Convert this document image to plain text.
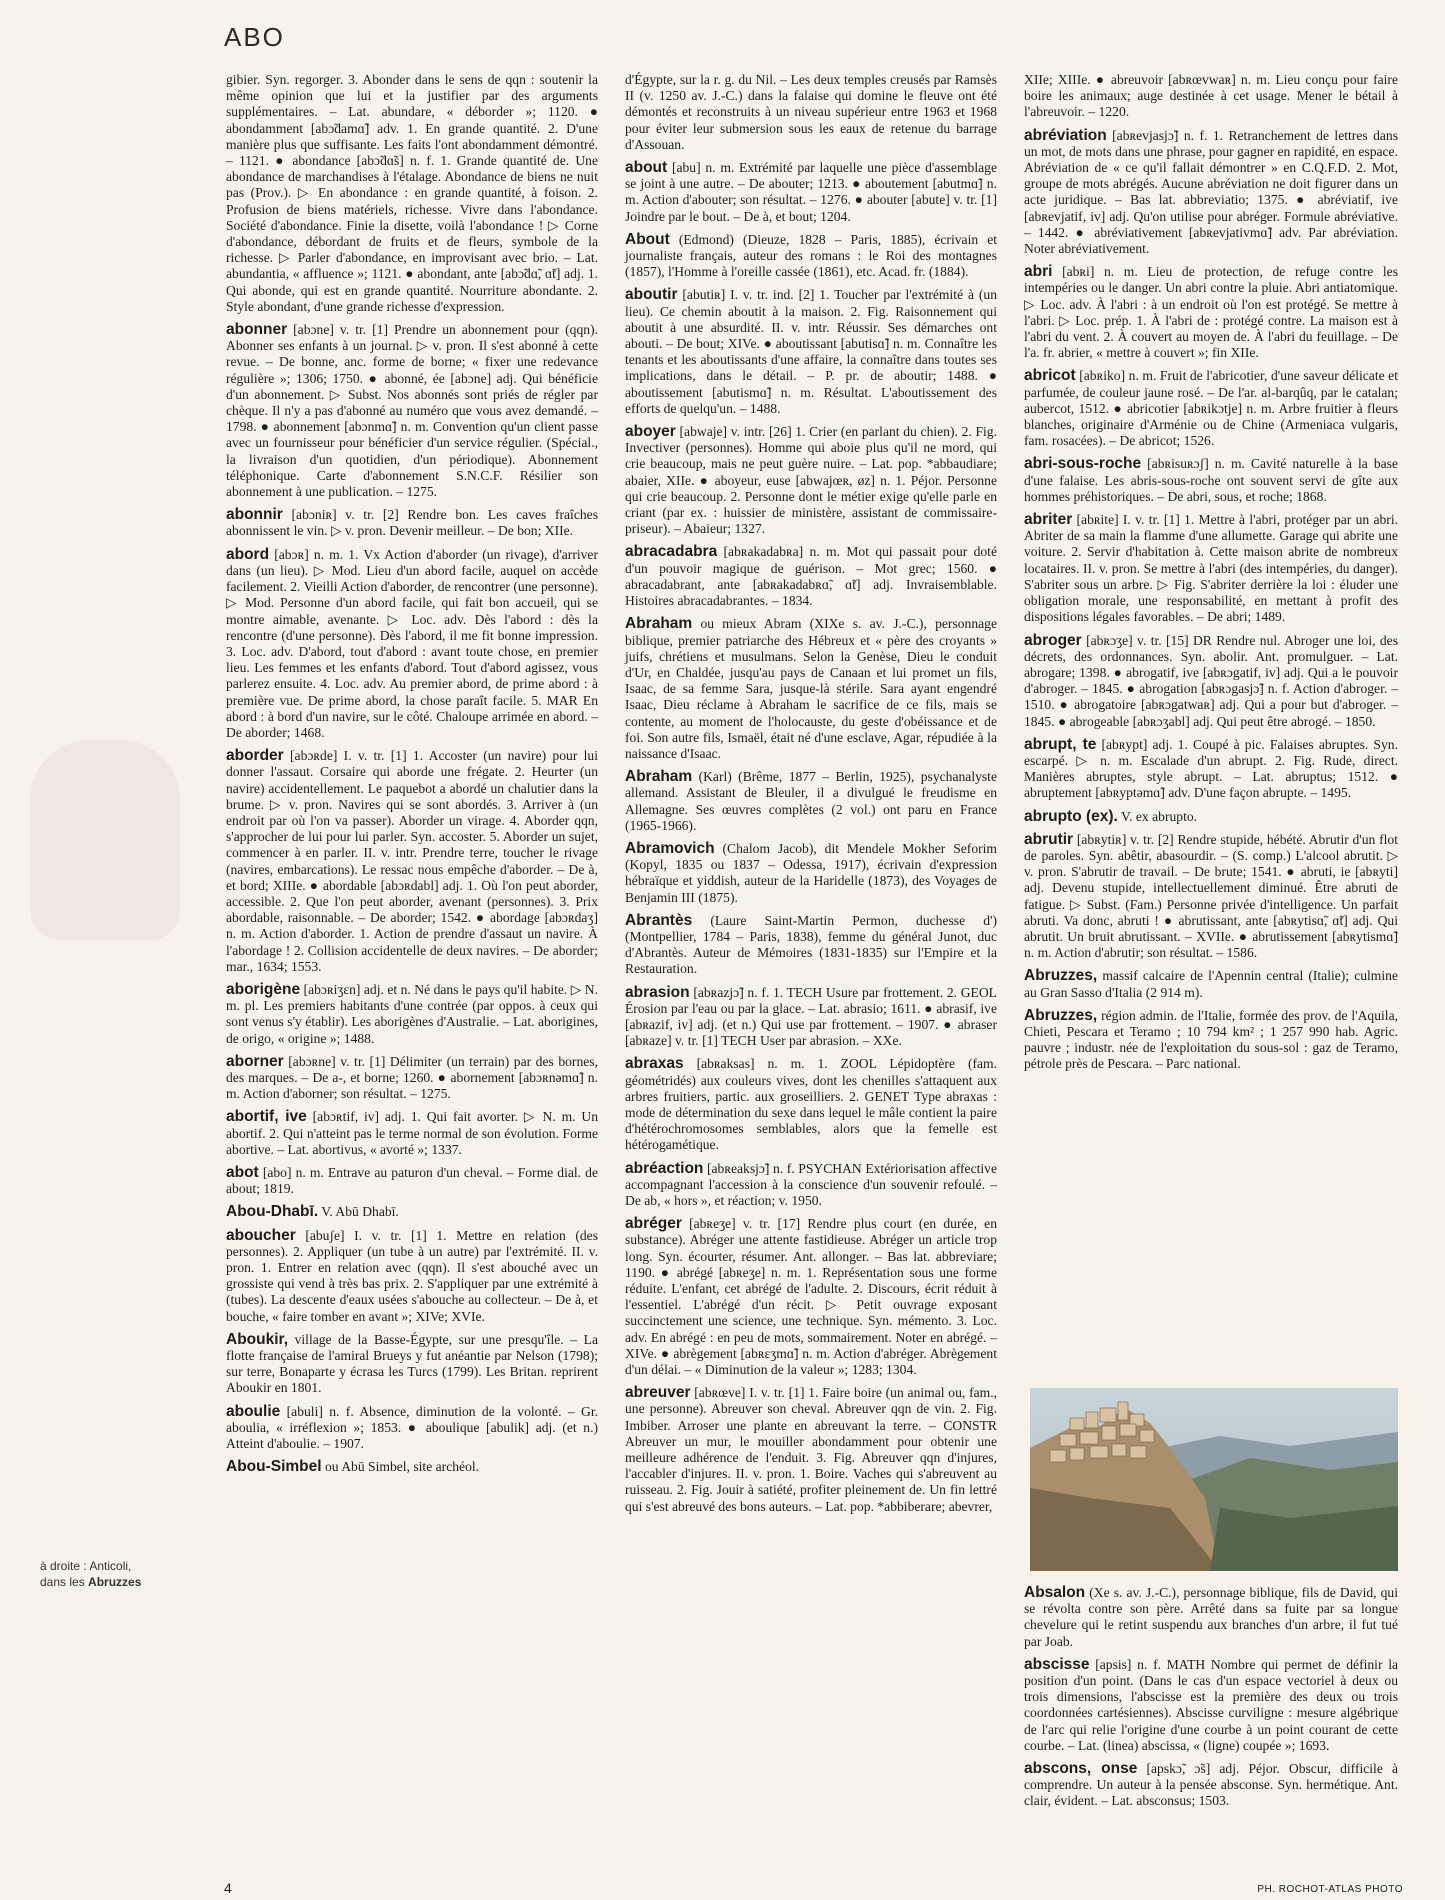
ABO
gibier. Syn. regorger. 3. Abonder dans le sens de qqn : soutenir la même opinion que lui et la justifier par des arguments supplémentaires. – Lat. abundare, « déborder »; 1120. ● abondamment [abɔ̃damɑ̃] adv. 1. En grande quantité. 2. D'une manière plus que suffisante. Les faits l'ont abondamment démontré. – 1121. ● abondance [abɔ̃dɑ̃s] n. f. 1. Grande quantité de. Une abondance de marchandises à l'étalage. Abondance de biens ne nuit pas (Prov.). ▷ En abondance : en grande quantité, à foison. 2. Profusion de biens matériels, richesse. Vivre dans l'abondance. Société d'abondance. Finie la disette, voilà l'abondance ! ▷ Corne d'abondance, débordant de fruits et de fleurs, symbole de la richesse. ▷ Parler d'abondance, en improvisant avec brio. – Lat. abundantia, « affluence »; 1121. ● abondant, ante [abɔ̃dɑ̃, ɑ̃t] adj. 1. Qui abonde, qui est en grande quantité. Nourriture abondante. 2. Style abondant, d'une grande richesse d'expression.
abonner [abɔne] v. tr. [1] Prendre un abonnement pour (qqn). Abonner ses enfants à un journal. ▷ v. pron. Il s'est abonné à cette revue. – De bonne, anc. forme de borne; « fixer une redevance régulière »; 1306; 1750. ● abonné, ée [abɔne] adj. Qui bénéficie d'un abonnement. ▷ Subst. Nos abonnés sont priés de régler par chèque. Il n'y a pas d'abonné au numéro que vous avez demandé. – 1798. ● abonnement [abɔnmɑ̃] n. m. Convention qu'un client passe avec un fournisseur pour bénéficier d'un service régulier. (Spécial., la livraison d'un quotidien, d'un périodique). Abonnement téléphonique. Carte d'abonnement S.N.C.F. Résilier son abonnement à une publication. – 1275.
abonnir [abɔniʀ] v. tr. [2] Rendre bon. Les caves fraîches abonnissent le vin. ▷ v. pron. Devenir meilleur. – De bon; XIIe.
abord [abɔʀ] n. m. 1. Vx Action d'aborder (un rivage), d'arriver dans (un lieu). ▷ Mod. Lieu d'un abord facile, auquel on accède facilement. 2. Vieilli Action d'aborder, de rencontrer (une personne). ▷ Mod. Personne d'un abord facile, qui fait bon accueil, qui se montre aimable, avenante. ▷ Loc. adv. Dès l'abord : dès la rencontre (d'une personne). Dès l'abord, il me fit bonne impression. 3. Loc. adv. D'abord, tout d'abord : avant toute chose, en premier lieu. Les femmes et les enfants d'abord. Tout d'abord agissez, vous parlerez ensuite. 4. Loc. adv. Au premier abord, de prime abord : à première vue. De prime abord, la chose paraît facile. 5. MAR En abord : à bord d'un navire, sur le côté. Chaloupe arrimée en abord. – De aborder; 1468.
aborder [abɔʀde] I. v. tr. [1] 1. Accoster (un navire) pour lui donner l'assaut. Corsaire qui aborde une frégate. 2. Heurter (un navire) accidentellement. Le paquebot a abordé un chalutier dans la brume. ▷ v. pron. Navires qui se sont abordés. 3. Arriver à (un endroit par où l'on va passer). Aborder un virage. 4. Aborder qqn, s'approcher de lui pour lui parler. Syn. accoster. 5. Aborder un sujet, commencer à en parler. II. v. intr. Prendre terre, toucher le rivage (navires, embarcations). Le ressac nous empêche d'aborder. – De à, et bord; XIIIe. ● abordable [abɔʀdabl] adj. 1. Où l'on peut aborder, accessible. 2. Que l'on peut aborder, avenant (personnes). 3. Prix abordable, raisonnable. – De aborder; 1542. ● abordage [abɔʀdaʒ] n. m. Action d'aborder. 1. Action de prendre d'assaut un navire. À l'abordage ! 2. Collision accidentelle de deux navires. – De aborder; mar., 1634; 1553.
aborigène [abɔʀiʒɛn] adj. et n. Né dans le pays qu'il habite. ▷ N. m. pl. Les premiers habitants d'une contrée (par oppos. à ceux qui sont venus s'y établir). Les aborigènes d'Australie. – Lat. aborigines, de origo, « origine »; 1488.
aborner [abɔʀne] v. tr. [1] Délimiter (un terrain) par des bornes, des marques. – De a-, et borne; 1260. ● abornement [abɔʀnəmɑ̃] n. m. Action d'aborner; son résultat. – 1275.
abortif, ive [abɔʀtif, iv] adj. 1. Qui fait avorter. ▷ N. m. Un abortif. 2. Qui n'atteint pas le terme normal de son évolution. Forme abortive. – Lat. abortivus, « avorté »; 1337.
abot [abo] n. m. Entrave au paturon d'un cheval. – Forme dial. de about; 1819.
Abou-Dhabī. V. Abū Dhabī.
aboucher [abuʃe] I. v. tr. [1] 1. Mettre en relation (des personnes). 2. Appliquer (un tube à un autre) par l'extrémité. II. v. pron. 1. Entrer en relation avec (qqn). Il s'est abouché avec un grossiste qui vend à très bas prix. 2. S'appliquer par une extrémité à (tubes). La descente d'eaux usées s'abouche au collecteur. – De à, et bouche, « faire tomber en avant »; XIVe; XVIe.
Aboukir, village de la Basse-Égypte, sur une presqu'île. – La flotte française de l'amiral Brueys y fut anéantie par Nelson (1798); sur terre, Bonaparte y écrasa les Turcs (1799). Les Britan. reprirent Aboukir en 1801.
aboulie [abuli] n. f. Absence, diminution de la volonté. – Gr. aboulia, « irréflexion »; 1853. ● aboulique [abulik] adj. (et n.) Atteint d'aboulie. – 1907.
Abou-Simbel ou Abū Simbel, site archéol.
d'Égypte, sur la r. g. du Nil. – Les deux temples creusés par Ramsès II (v. 1250 av. J.-C.) dans la falaise qui domine le fleuve ont été démontés et reconstruits à un niveau supérieur entre 1963 et 1968 pour éviter leur submersion sous les eaux de retenue du barrage d'Assouan.
about [abu] n. m. Extrémité par laquelle une pièce d'assemblage se joint à une autre. – De abouter; 1213. ● aboutement [abutmɑ̃] n. m. Action d'abouter; son résultat. – 1276. ● abouter [abute] v. tr. [1] Joindre par le bout. – De à, et bout; 1204.
About (Edmond) (Dieuze, 1828 – Paris, 1885), écrivain et journaliste français, auteur des romans : le Roi des montagnes (1857), l'Homme à l'oreille cassée (1861), etc. Acad. fr. (1884).
aboutir [abutiʀ] I. v. tr. ind. [2] 1. Toucher par l'extrémité à (un lieu). Ce chemin aboutit à la maison. 2. Fig. Raisonnement qui aboutit à une absurdité. II. v. intr. Réussir. Ses démarches ont abouti. – De bout; XIVe. ● aboutissant [abutisɑ̃] n. m. Connaître les tenants et les aboutissants d'une affaire, la connaître dans toutes ses implications, dans le détail. – P. pr. de aboutir; 1488. ● aboutissement [abutismɑ̃] n. m. Résultat. L'aboutissement des efforts de quelqu'un. – 1488.
aboyer [abwaje] v. intr. [26] 1. Crier (en parlant du chien). 2. Fig. Invectiver (personnes). Homme qui aboie plus qu'il ne mord, qui crie beaucoup, mais ne peut guère nuire. – Lat. pop. *abbaudiare; abaier, XIIe. ● aboyeur, euse [abwajœʀ, øz] n. 1. Péjor. Personne qui crie beaucoup. 2. Personne dont le métier exige qu'elle parle en criant (par ex. : huissier de ministère, assistant de commissaire-priseur). – Abaieur; 1327.
abracadabra [abʀakadabʀa] n. m. Mot qui passait pour doté d'un pouvoir magique de guérison. – Mot grec; 1560. ● abracadabrant, ante [abʀakadabʀɑ̃, ɑ̃t] adj. Invraisemblable. Histoires abracadabrantes. – 1834.
Abraham ou mieux Abram (XIXe s. av. J.-C.), personnage biblique, premier patriarche des Hébreux et « père des croyants » juifs, chrétiens et musulmans. Selon la Genèse, Dieu le conduit d'Ur, en Chaldée, jusqu'au pays de Canaan et lui promet un fils, Isaac, de sa femme Sara, jusque-là stérile. Sara ayant engendré Isaac, Dieu réclame à Abraham le sacrifice de ce fils, mais se contente, au moment de l'holocauste, du geste d'obéissance et de foi. Son autre fils, Ismaël, était né d'une esclave, Agar, répudiée à la naissance d'Isaac.
Abraham (Karl) (Brême, 1877 – Berlin, 1925), psychanalyste allemand. Assistant de Bleuler, il a divulgué le freudisme en Allemagne. Ses œuvres complètes (2 vol.) ont paru en France (1965-1966).
Abramovich (Chalom Jacob), dit Mendele Mokher Seforim (Kopyl, 1835 ou 1837 – Odessa, 1917), écrivain d'expression hébraïque et yiddish, auteur de la Haridelle (1873), des Voyages de Benjamin III (1875).
Abrantès (Laure Saint-Martin Permon, duchesse d') (Montpellier, 1784 – Paris, 1838), femme du général Junot, duc d'Abrantès. Auteur de Mémoires (1831-1835) sur l'Empire et la Restauration.
abrasion [abʀazjɔ̃] n. f. 1. TECH Usure par frottement. 2. GEOL Érosion par l'eau ou par la glace. – Lat. abrasio; 1611. ● abrasif, ive [abʀazif, iv] adj. (et n.) Qui use par frottement. – 1907. ● abraser [abʀaze] v. tr. [1] TECH User par abrasion. – XXe.
abraxas [abʀaksas] n. m. 1. ZOOL Lépidoptère (fam. géométridés) aux couleurs vives, dont les chenilles s'attaquent aux arbres fruitiers, partic. aux groseilliers. 2. GENET Type abraxas : mode de détermination du sexe dans lequel le mâle contient la paire d'hétérochromosomes semblables, alors que la femelle est hétérogamétique.
abréaction [abʀeaksjɔ̃] n. f. PSYCHAN Extériorisation affective accompagnant l'accession à la conscience d'un souvenir refoulé. – De ab, « hors », et réaction; v. 1950.
abréger [abʀeʒe] v. tr. [17] Rendre plus court (en durée, en substance). Abréger une attente fastidieuse. Abréger un article trop long. Syn. écourter, résumer. Ant. allonger. – Bas lat. abbreviare; 1190. ● abrégé [abʀeʒe] n. m. 1. Représentation sous une forme réduite. L'enfant, cet abrégé de l'adulte. 2. Discours, écrit réduit à l'essentiel. L'abrégé d'un récit. ▷ Petit ouvrage exposant succinctement une science, une technique. Syn. mémento. 3. Loc. adv. En abrégé : en peu de mots, sommairement. Noter en abrégé. – XIVe. ● abrègement [abʀɛʒmɑ̃] n. m. Action d'abréger. Abrègement d'un délai. – « Diminution de la valeur »; 1283; 1304.
abreuver [abʀœve] I. v. tr. [1] 1. Faire boire (un animal ou, fam., une personne). Abreuver son cheval. Abreuver qqn de vin. 2. Fig. Imbiber. Arroser une plante en abreuvant la terre. – CONSTR Abreuver un mur, le mouiller abondamment pour obtenir une meilleure adhérence de l'enduit. 3. Fig. Abreuver qqn d'injures, l'accabler d'injures. II. v. pron. 1. Boire. Vaches qui s'abreuvent au ruisseau. 2. Fig. Jouir à satiété, profiter pleinement de. Un fin lettré qui s'est abreuvé des bons auteurs. – Lat. pop. *abbiberare; abevrer,
XIIe; XIIIe. ● abreuvoir [abʀœvwaʀ] n. m. Lieu conçu pour faire boire les animaux; auge destinée à cet usage. Mener le bétail à l'abreuvoir. – 1220.
abréviation [abʀevjasjɔ̃] n. f. 1. Retranchement de lettres dans un mot, de mots dans une phrase, pour gagner en rapidité, en espace. Abréviation de « ce qu'il fallait démontrer » en C.Q.F.D. 2. Mot, groupe de mots abrégés. Aucune abréviation ne doit figurer dans un acte juridique. – Bas lat. abbreviatio; 1375. ● abréviatif, ive [abʀevjatif, iv] adj. Qu'on utilise pour abréger. Formule abréviative. – 1442. ● abréviativement [abʀevjativmɑ̃] adv. Par abréviation. Noter abréviativement.
abri [abʀi] n. m. Lieu de protection, de refuge contre les intempéries ou le danger. Un abri contre la pluie. Abri antiatomique. ▷ Loc. adv. À l'abri : à un endroit où l'on est protégé. Se mettre à l'abri. ▷ Loc. prép. 1. À l'abri de : protégé contre. La maison est à l'abri du vent. 2. À couvert au moyen de. À l'abri du feuillage. – De l'a. fr. abrier, « mettre à couvert »; fin XIIe.
abricot [abʀiko] n. m. Fruit de l'abricotier, d'une saveur délicate et parfumée, de couleur jaune rosé. – De l'ar. al-barqûq, par le catalan; aubercot, 1512. ● abricotier [abʀikɔtje] n. m. Arbre fruitier à fleurs blanches, originaire d'Arménie ou de Chine (Armeniaca vulgaris, fam. rosacées). – De abricot; 1526.
abri-sous-roche [abʀisuʀɔʃ] n. m. Cavité naturelle à la base d'une falaise. Les abris-sous-roche ont souvent servi de gîte aux hommes préhistoriques. – De abri, sous, et roche; 1868.
abriter [abʀite] I. v. tr. [1] 1. Mettre à l'abri, protéger par un abri. Abriter de sa main la flamme d'une allumette. Garage qui abrite une voiture. 2. Servir d'habitation à. Cette maison abrite de nombreux locataires. II. v. pron. Se mettre à l'abri (des intempéries, du danger). S'abriter sous un arbre. ▷ Fig. S'abriter derrière la loi : éluder une obligation morale, une responsabilité, en mettant à profit des dispositions légales favorables. – De abri; 1489.
abroger [abʀɔʒe] v. tr. [15] DR Rendre nul. Abroger une loi, des décrets, des ordonnances. Syn. abolir. Ant. promulguer. – Lat. abrogare; 1398. ● abrogatif, ive [abʀɔgatif, iv] adj. Qui a le pouvoir d'abroger. – 1845. ● abrogation [abʀɔgasjɔ̃] n. f. Action d'abroger. – 1510. ● abrogatoire [abʀɔgatwaʀ] adj. Qui a pour but d'abroger. – 1845. ● abrogeable [abʀɔʒabl] adj. Qui peut être abrogé. – 1850.
abrupt, te [abʀypt] adj. 1. Coupé à pic. Falaises abruptes. Syn. escarpé. ▷ n. m. Escalade d'un abrupt. 2. Fig. Rude, direct. Manières abruptes, style abrupt. – Lat. abruptus; 1512. ● abruptement [abʀyptəmɑ̃] adv. D'une façon abrupte. – 1495.
abrupto (ex). V. ex abrupto.
abrutir [abʀytiʀ] v. tr. [2] Rendre stupide, hébété. Abrutir d'un flot de paroles. Syn. abêtir, abasourdir. – (S. comp.) L'alcool abrutit. ▷ v. pron. S'abrutir de travail. – De brute; 1541. ● abruti, ie [abʀyti] adj. Devenu stupide, intellectuellement diminué. Être abruti de fatigue. ▷ Subst. (Fam.) Personne privée d'intelligence. Un parfait abruti. Va donc, abruti ! ● abrutissant, ante [abʀytisɑ̃, ɑ̃t] adj. Qui abrutit. Un bruit abrutissant. – XVIIe. ● abrutissement [abʀytismɑ̃] n. m. Action d'abrutir; son résultat. – 1586.
Abruzzes, massif calcaire de l'Apennin central (Italie); culmine au Gran Sasso d'Italia (2 914 m).
Abruzzes, région admin. de l'Italie, formée des prov. de l'Aquila, Chieti, Pescara et Teramo ; 10 794 km² ; 1 257 990 hab. Agric. pauvre ; industr. née de l'exploitation du sous-sol : gaz de Teramo, pétrole près de Pescara. – Parc national.
Absalon (Xe s. av. J.-C.), personnage biblique, fils de David, qui se révolta contre son père. Arrêté dans sa fuite par sa longue chevelure qui le retint suspendu aux branches d'un arbre, il fut tué par Joab.
abscisse [apsis] n. f. MATH Nombre qui permet de définir la position d'un point. (Dans le cas d'un espace vectoriel à deux ou trois dimensions, l'abscisse est la première des deux ou trois coordonnées cartésiennes). Abscisse curviligne : mesure algébrique de l'arc qui relie l'origine d'une courbe à un point courant de cette courbe. – Lat. (linea) abscissa, « (ligne) coupée »; 1693.
abscons, onse [apskɔ̃, ɔ̃s] adj. Péjor. Obscur, difficile à comprendre. Un auteur à la pensée absconse. Syn. hermétique. Ant. clair, évident. – Lat. absconsus; 1503.
à droite : Anticoli,
dans les Abruzzes
4	PH. ROCHOT-ATLAS PHOTO
